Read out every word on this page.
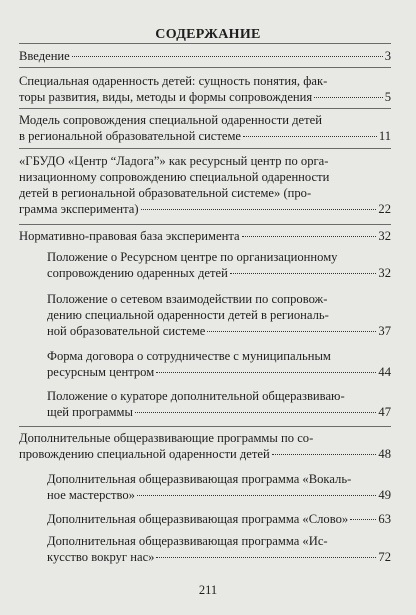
СОДЕРЖАНИЕ
Введение	3
Специальная одаренность детей: сущность понятия, фак-
торы развития, виды, методы и формы сопровождения	5
Модель сопровождения специальной одаренности детей
в региональной образовательной системе	11
«ГБУДО «Центр “Ладога”» как ресурсный центр по орга-
низационному сопровождению специальной одаренности
детей в региональной образовательной системе» (про-
грамма эксперимента)	22
Нормативно-правовая база эксперимента	32
Положение о Ресурсном центре по организационному
сопровождению одаренных детей	32
Положение о сетевом взаимодействии по сопровож-
дению специальной одаренности детей в региональ-
ной образовательной системе	37
Форма договора о сотрудничестве с муниципальным
ресурсным центром	44
Положение о кураторе дополнительной общеразвиваю-
щей программы	47
Дополнительные общеразвивающие программы по со-
провождению специальной одаренности детей	48
Дополнительная общеразвивающая программа «Вокаль-
ное мастерство»	49
Дополнительная общеразвивающая программа «Слово» 63
Дополнительная общеразвивающая программа «Ис-
кусство вокруг нас»	72
211
